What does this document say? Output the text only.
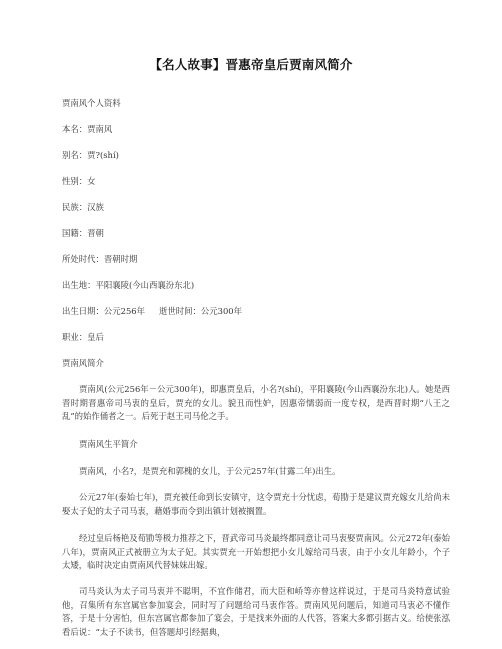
【名人故事】晋惠帝皇后贾南风简介
贾南风个人资料
本名：贾南风
别名：贾?(shí)
性别：女
民族：汉族
国籍：晋朝
所处时代：晋朝时期
出生地：平阳襄陵(今山西襄汾东北)
出生日期：公元256年 逝世时间：公元300年
职业：皇后
贾南风简介
贾南风(公元256年－公元300年)，即惠贾皇后，小名?(shí)，平阳襄陵(今山西襄汾东北)人。她是西晋时期晋惠帝司马衷的皇后，贾充的女儿。貌丑而性妒，因惠帝懦弱而一度专权，是西晋时期“八王之乱”的始作俑者之一。后死于赵王司马伦之手。
贾南风生平简介
贾南风，小名?，是贾充和郭槐的女儿，于公元257年(甘露二年)出生。
公元27年(泰始七年)，贾充被任命到长安镇守，这令贾充十分忧虑，荀勖于是建议贾充嫁女儿给尚未娶太子妃的太子司马衷，藉婚事而令到出镇计划被搁置。
经过皇后杨艳及荀勖等极力推荐之下，晋武帝司马炎最终都同意让司马衷娶贾南风。公元272年(泰始八年)，贾南风正式被册立为太子妃。其实贾充一开始想把小女儿嫁给司马衷，由于小女儿年龄小，个子太矮，临时决定由贾南风代替妹妹出嫁。
司马炎认为太子司马衷并不聪明，不宜作储君，而大臣和峤等亦曾这样说过，于是司马炎特意试验他，召集所有东宫属官参加宴会，同时写了问题给司马衷作答。贾南风见问题后，知道司马衷必不懂作答，于是十分害怕，但东宫属官都参加了宴会，于是找来外面的人代答，答案大多都引据古义。给使张泓看后说：“太子不读书，但答题却引经据典，
